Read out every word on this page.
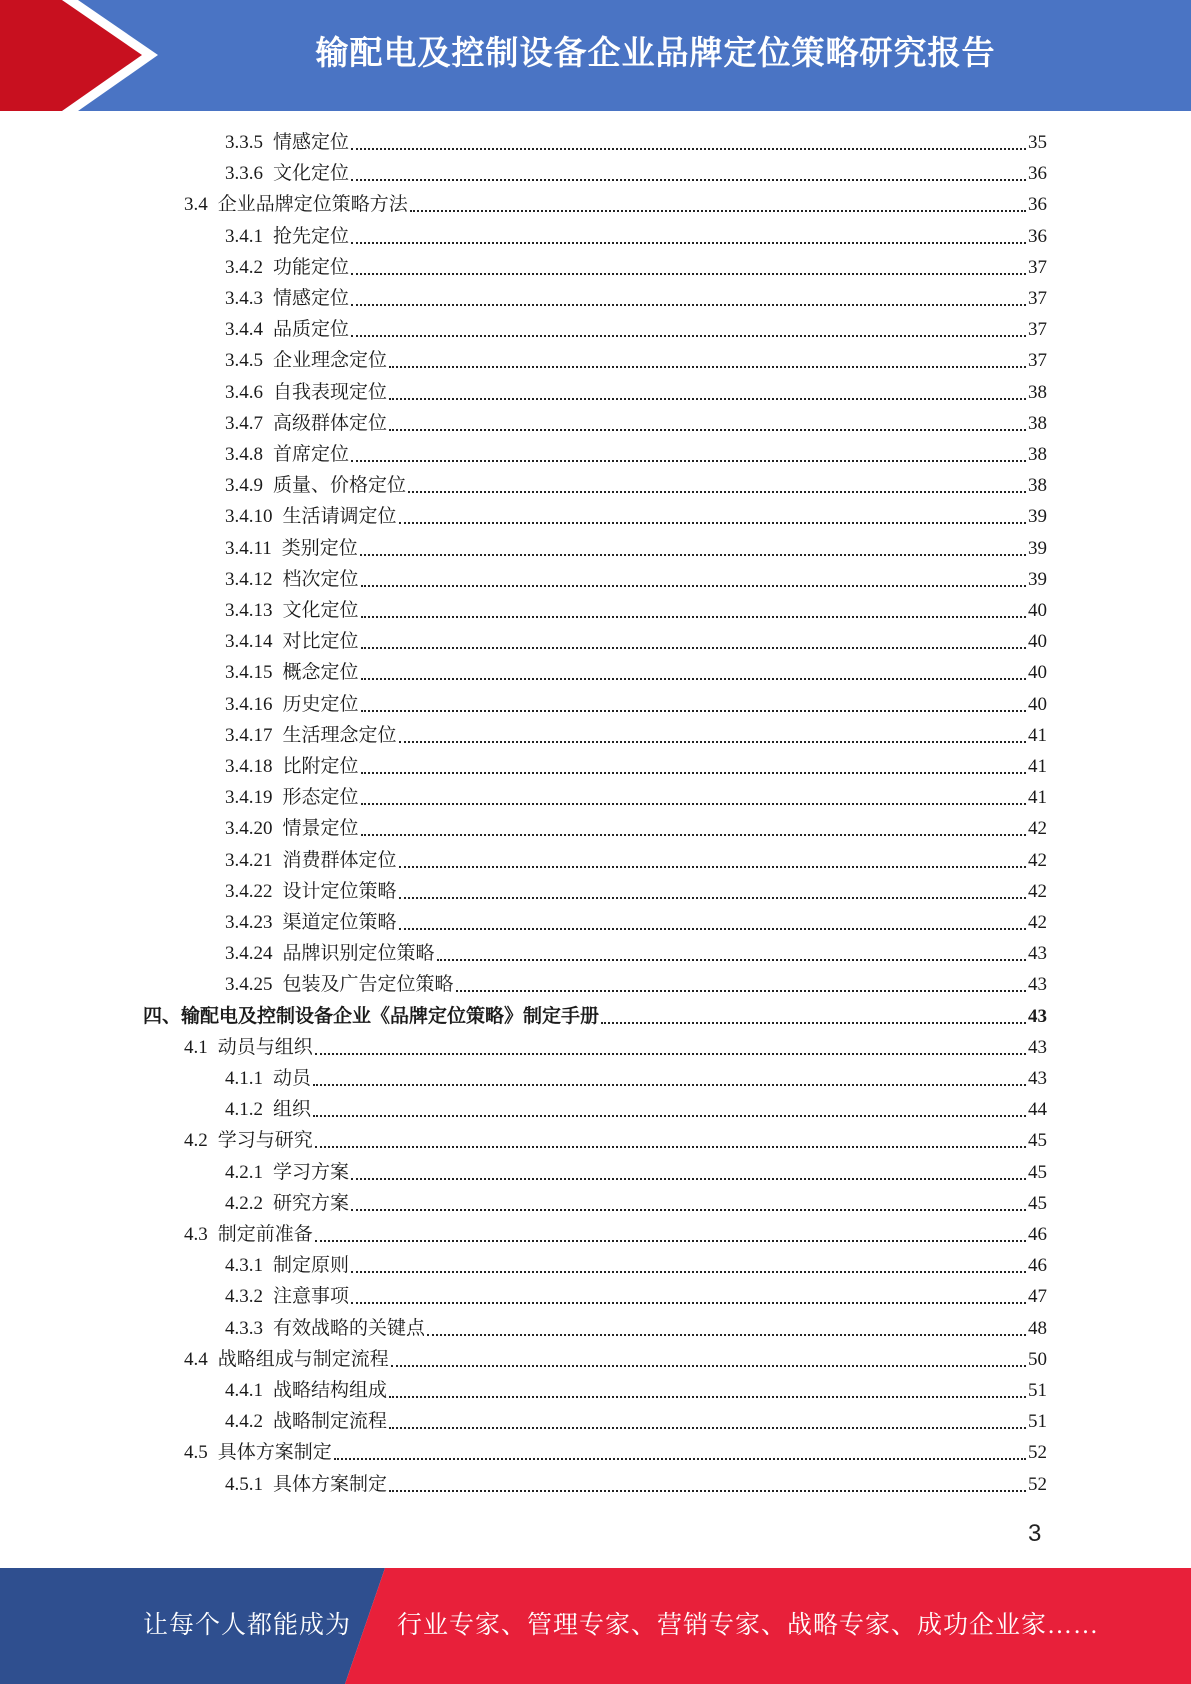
输配电及控制设备企业品牌定位策略研究报告
3.3.5 情感定位	35
3.3.6 文化定位	36
3.4 企业品牌定位策略方法	36
3.4.1 抢先定位	36
3.4.2 功能定位	37
3.4.3 情感定位	37
3.4.4 品质定位	37
3.4.5 企业理念定位	37
3.4.6 自我表现定位	38
3.4.7 高级群体定位	38
3.4.8 首席定位	38
3.4.9 质量、价格定位	38
3.4.10 生活请调定位	39
3.4.11 类别定位	39
3.4.12 档次定位	39
3.4.13 文化定位	40
3.4.14 对比定位	40
3.4.15 概念定位	40
3.4.16 历史定位	40
3.4.17 生活理念定位	41
3.4.18 比附定位	41
3.4.19 形态定位	41
3.4.20 情景定位	42
3.4.21 消费群体定位	42
3.4.22 设计定位策略	42
3.4.23 渠道定位策略	42
3.4.24 品牌识别定位策略	43
3.4.25 包装及广告定位策略	43
四、输配电及控制设备企业《品牌定位策略》制定手册	43
4.1 动员与组织	43
4.1.1 动员	43
4.1.2 组织	44
4.2 学习与研究	45
4.2.1 学习方案	45
4.2.2 研究方案	45
4.3 制定前准备	46
4.3.1 制定原则	46
4.3.2 注意事项	47
4.3.3 有效战略的关键点	48
4.4 战略组成与制定流程	50
4.4.1 战略结构组成	51
4.4.2 战略制定流程	51
4.5 具体方案制定	52
4.5.1 具体方案制定	52
3
让每个人都能成为 行业专家、管理专家、营销专家、战略专家、成功企业家……
